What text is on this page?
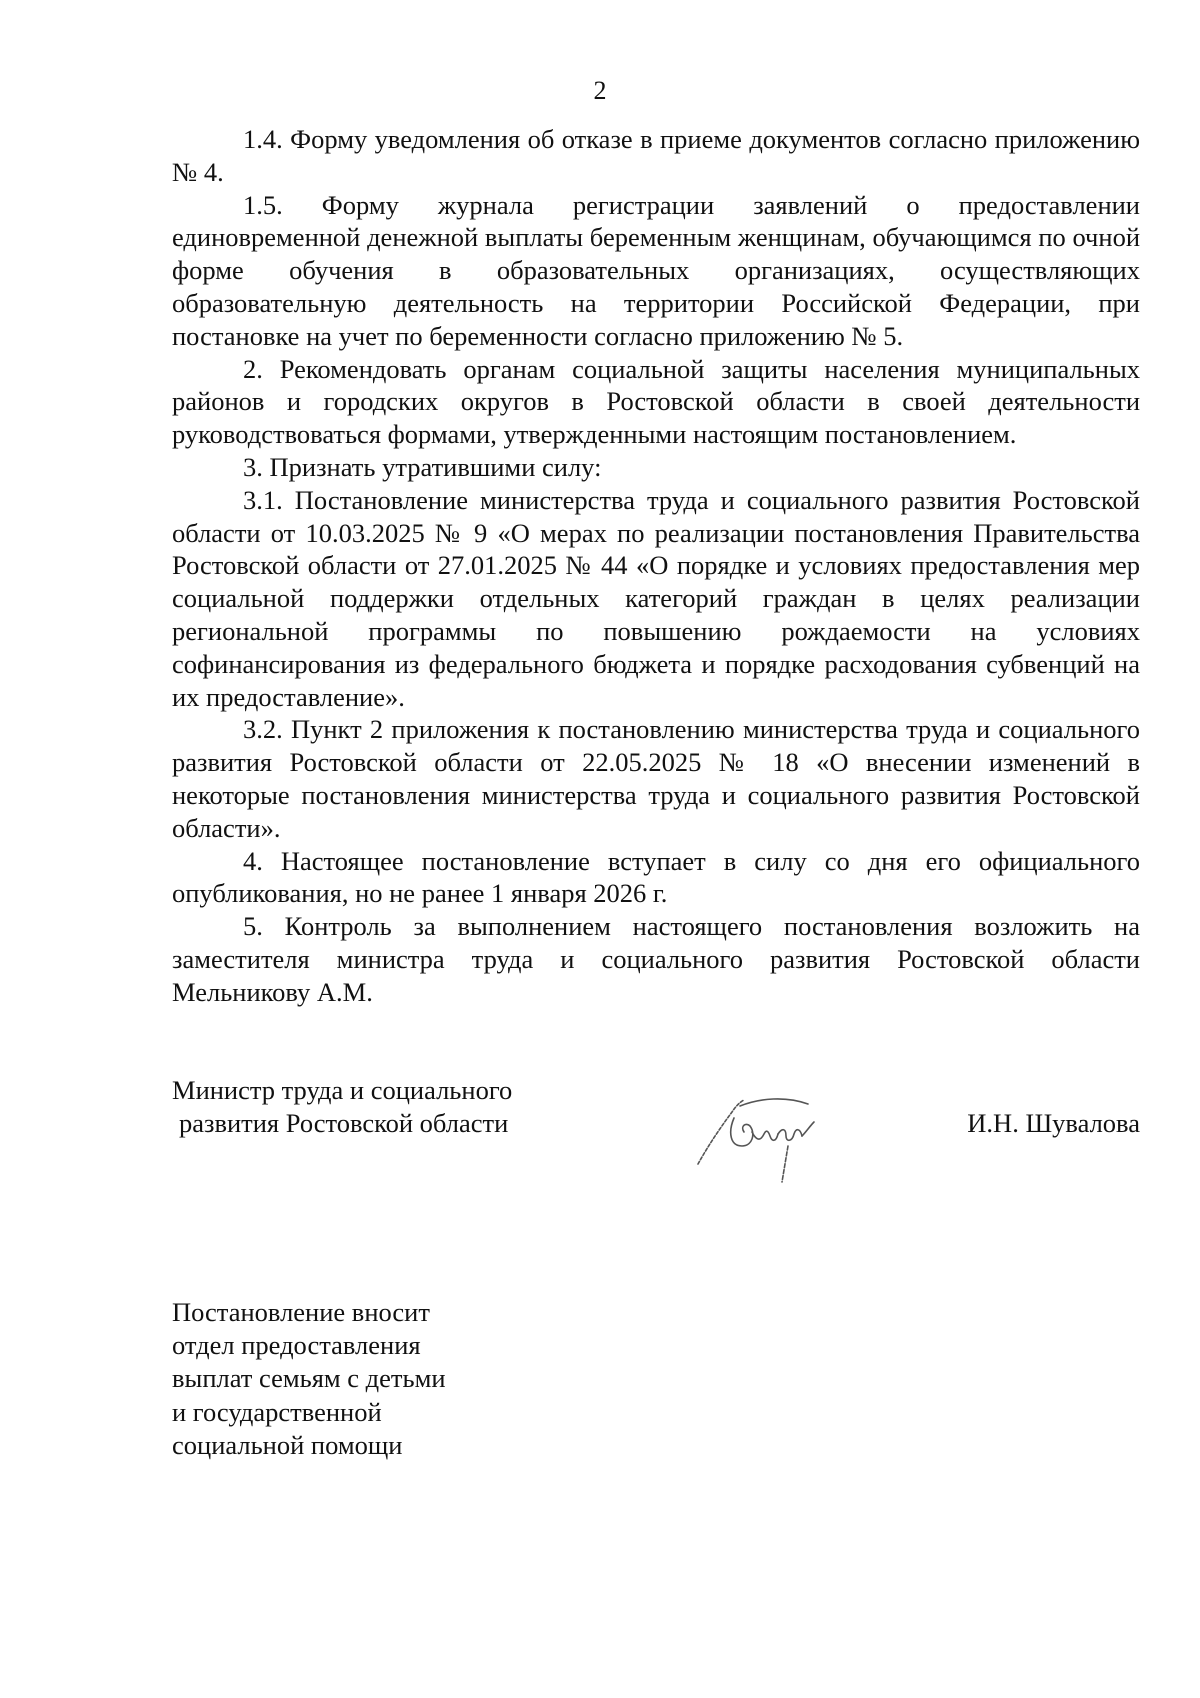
2

1.4. Форму уведомления об отказе в приеме документов согласно приложению № 4.

1.5. Форму журнала регистрации заявлений о предоставлении единовременной денежной выплаты беременным женщинам, обучающимся по очной форме обучения в образовательных организациях, осуществляющих образовательную деятельность на территории Российской Федерации, при постановке на учет по беременности согласно приложению № 5.

2. Рекомендовать органам социальной защиты населения муниципальных районов и городских округов в Ростовской области в своей деятельности руководствоваться формами, утвержденными настоящим постановлением.

3. Признать утратившими силу:

3.1. Постановление министерства труда и социального развития Ростовской области от 10.03.2025 № 9 «О мерах по реализации постановления Правительства Ростовской области от 27.01.2025 № 44 «О порядке и условиях предоставления мер социальной поддержки отдельных категорий граждан в целях реализации региональной программы по повышению рождаемости на условиях софинансирования из федерального бюджета и порядке расходования субвенций на их предоставление».

3.2. Пункт 2 приложения к постановлению министерства труда и социального развития Ростовской области от 22.05.2025 № 18 «О внесении изменений в некоторые постановления министерства труда и социального развития Ростовской области».

4. Настоящее постановление вступает в силу со дня его официального опубликования, но не ранее 1 января 2026 г.

5. Контроль за выполнением настоящего постановления возложить на заместителя министра труда и социального развития Ростовской области Мельникову А.М.

Министр труда и социального
развития Ростовской области	И.Н. Шувалова
Постановление вносит
отдел предоставления
выплат семьям с детьми
и государственной
социальной помощи
